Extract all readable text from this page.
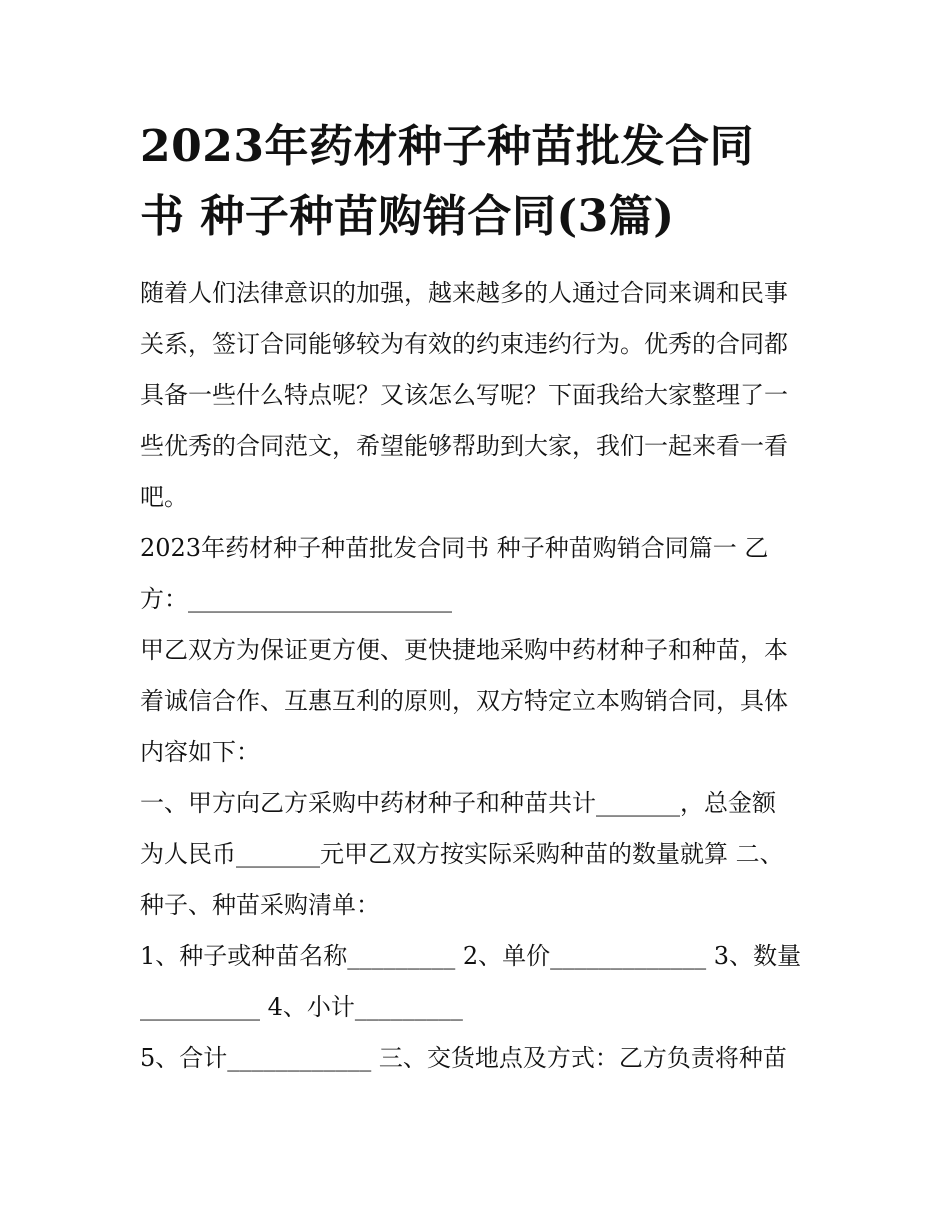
2023年药材种子种苗批发合同
书 种子种苗购销合同(3篇)
随着人们法律意识的加强，越来越多的人通过合同来调和民事
关系，签订合同能够较为有效的约束违约行为。优秀的合同都
具备一些什么特点呢？又该怎么写呢？下面我给大家整理了一
些优秀的合同范文，希望能够帮助到大家，我们一起来看一看
吧。
2023年药材种子种苗批发合同书 种子种苗购销合同篇一 乙
方：______________________
甲乙双方为保证更方便、更快捷地采购中药材种子和种苗，本
着诚信合作、互惠互利的原则，双方特定立本购销合同，具体
内容如下：
一、甲方向乙方采购中药材种子和种苗共计_______，总金额
为人民币_______元甲乙双方按实际采购种苗的数量就算 二、
种子、种苗采购清单：
1、种子或种苗名称_________ 2、单价_____________ 3、数量
__________ 4、小计_________
5、合计____________ 三、交货地点及方式：乙方负责将种苗
